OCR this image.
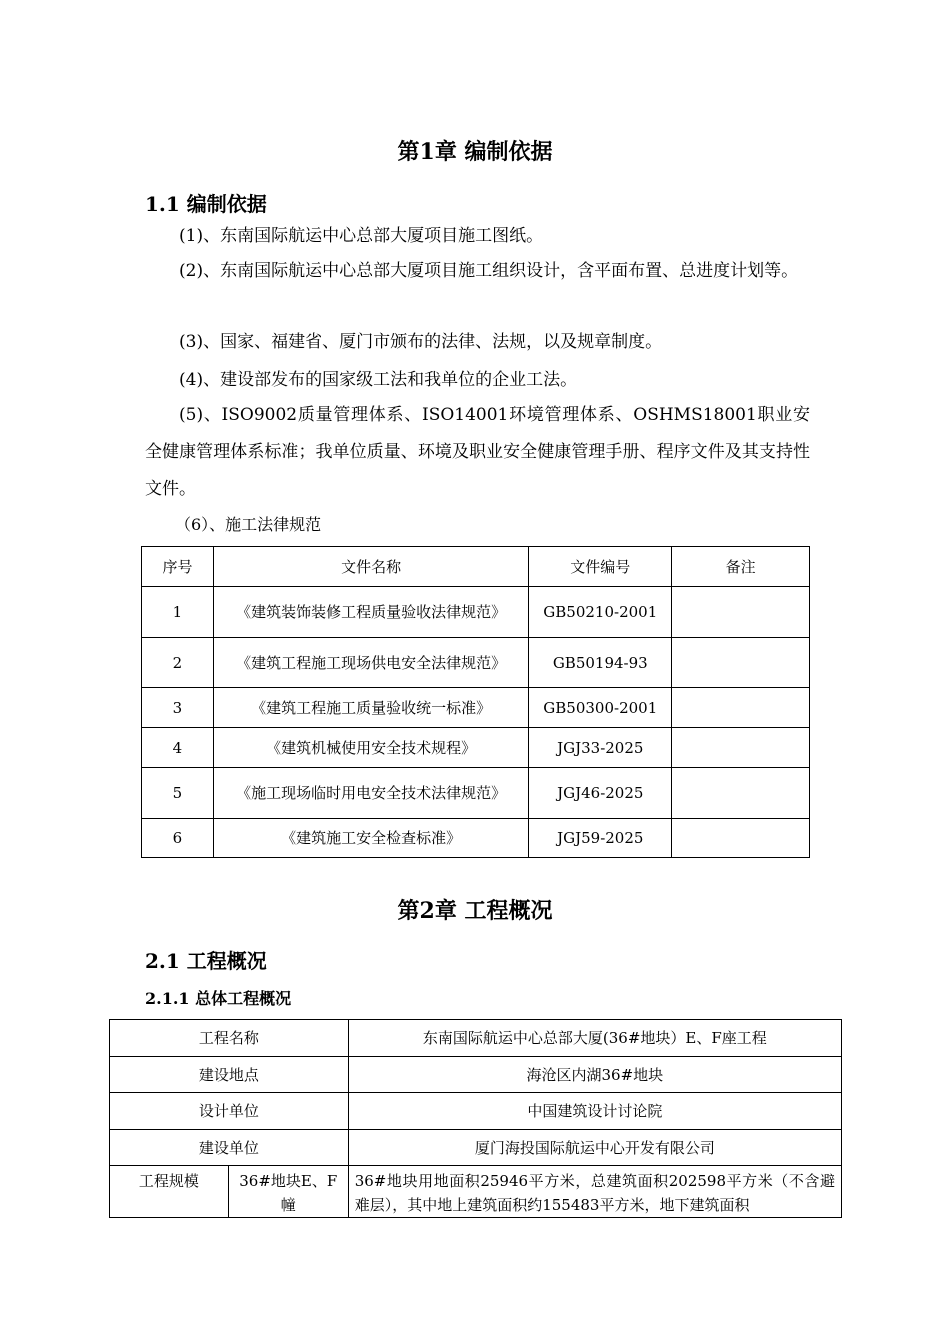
第1章 编制依据
1.1 编制依据
(1)、东南国际航运中心总部大厦项目施工图纸。
(2)、东南国际航运中心总部大厦项目施工组织设计，含平面布置、总进度计划等。
(3)、国家、福建省、厦门市颁布的法律、法规，以及规章制度。
(4)、建设部发布的国家级工法和我单位的企业工法。
(5)、ISO9002质量管理体系、ISO14001环境管理体系、OSHMS18001职业安全健康管理体系标准；我单位质量、环境及职业安全健康管理手册、程序文件及其支持性文件。
（6）、施工法律规范
序号	文件名称	文件编号	备注
1	《建筑装饰装修工程质量验收法律规范》	GB50210-2001	
2	《建筑工程施工现场供电安全法律规范》	GB50194-93	
3	《建筑工程施工质量验收统一标准》	GB50300-2001	
4	《建筑机械使用安全技术规程》	JGJ33-2025	
5	《施工现场临时用电安全技术法律规范》	JGJ46-2025	
6	《建筑施工安全检查标准》	JGJ59-2025	
第2章 工程概况
2.1 工程概况
2.1.1 总体工程概况
工程名称		东南国际航运中心总部大厦(36#地块）E、F座工程
建设地点		海沧区内湖36#地块
设计单位		中国建筑设计讨论院
建设单位		厦门海投国际航运中心开发有限公司
工程规模	36#地块E、F幢	36#地块用地面积25946平方米，总建筑面积202598平方米（不含避难层），其中地上建筑面积约155483平方米，地下建筑面积
